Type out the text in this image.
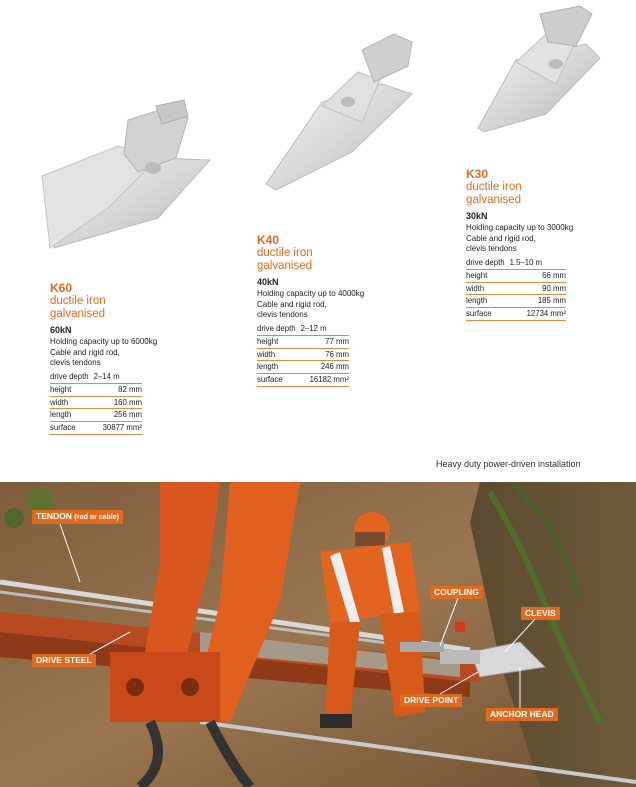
K60
ductile iron
galvanised
60kN
Holding capacity up to 6000kg
Cable and rigid rod,
clevis tendons
drive depth 2–14 m
height	82 mm
width	160 mm
length	256 mm
surface	30877 mm²
K40
ductile iron
galvanised
40kN
Holding capacity up to 4000kg
Cable and rigid rod,
clevis tendons
drive depth 2–12 m
height	77 mm
width	76 mm
length	246 mm
surface	16182 mm²
K30
ductile iron
galvanised
30kN
Holding capacity up to 3000kg
Cable and rigid rod,
clevis tendons
drive depth 1.5–10 m
height	66 mm
width	90 mm
length	185 mm
surface	12734 mm²
Heavy duty power-driven installation
TENDON (rod or cable)
DRIVE STEEL
COUPLING
CLEVIS
DRIVE POINT
ANCHOR HEAD
